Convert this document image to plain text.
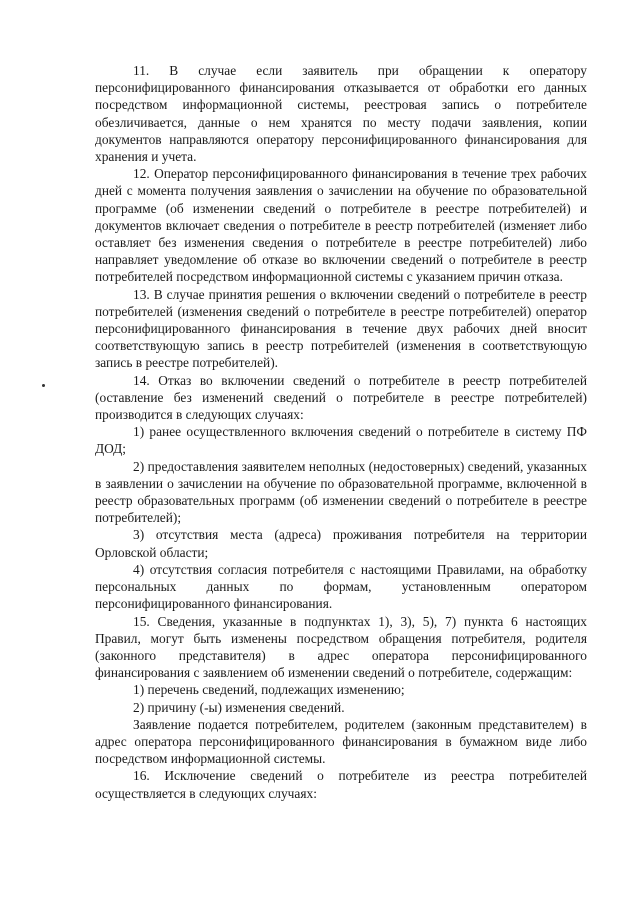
11. В случае если заявитель при обращении к оператору персонифицированного финансирования отказывается от обработки его данных посредством информационной системы, реестровая запись о потребителе обезличивается, данные о нем хранятся по месту подачи заявления, копии документов направляются оператору персонифицированного финансирования для хранения и учета.

12. Оператор персонифицированного финансирования в течение трех рабочих дней с момента получения заявления о зачислении на обучение по образовательной программе (об изменении сведений о потребителе в реестре потребителей) и документов включает сведения о потребителе в реестр потребителей (изменяет либо оставляет без изменения сведения о потребителе в реестре потребителей) либо направляет уведомление об отказе во включении сведений о потребителе в реестр потребителей посредством информационной системы с указанием причин отказа.

13. В случае принятия решения о включении сведений о потребителе в реестр потребителей (изменения сведений о потребителе в реестре потребителей) оператор персонифицированного финансирования в течение двух рабочих дней вносит соответствующую запись в реестр потребителей (изменения в соответствующую запись в реестре потребителей).

14. Отказ во включении сведений о потребителе в реестр потребителей (оставление без изменений сведений о потребителе в реестре потребителей) производится в следующих случаях:

1) ранее осуществленного включения сведений о потребителе в систему ПФ ДОД;

2) предоставления заявителем неполных (недостоверных) сведений, указанных в заявлении о зачислении на обучение по образовательной программе, включенной в реестр образовательных программ (об изменении сведений о потребителе в реестре потребителей);

3) отсутствия места (адреса) проживания потребителя на территории Орловской области;

4) отсутствия согласия потребителя с настоящими Правилами, на обработку персональных данных по формам, установленным оператором персонифицированного финансирования.

15. Сведения, указанные в подпунктах 1), 3), 5), 7) пункта 6 настоящих Правил, могут быть изменены посредством обращения потребителя, родителя (законного представителя) в адрес оператора персонифицированного финансирования с заявлением об изменении сведений о потребителе, содержащим:

1) перечень сведений, подлежащих изменению;

2) причину (-ы) изменения сведений.

Заявление подается потребителем, родителем (законным представителем) в адрес оператора персонифицированного финансирования в бумажном виде либо посредством информационной системы.

16. Исключение сведений о потребителе из реестра потребителей осуществляется в следующих случаях:
